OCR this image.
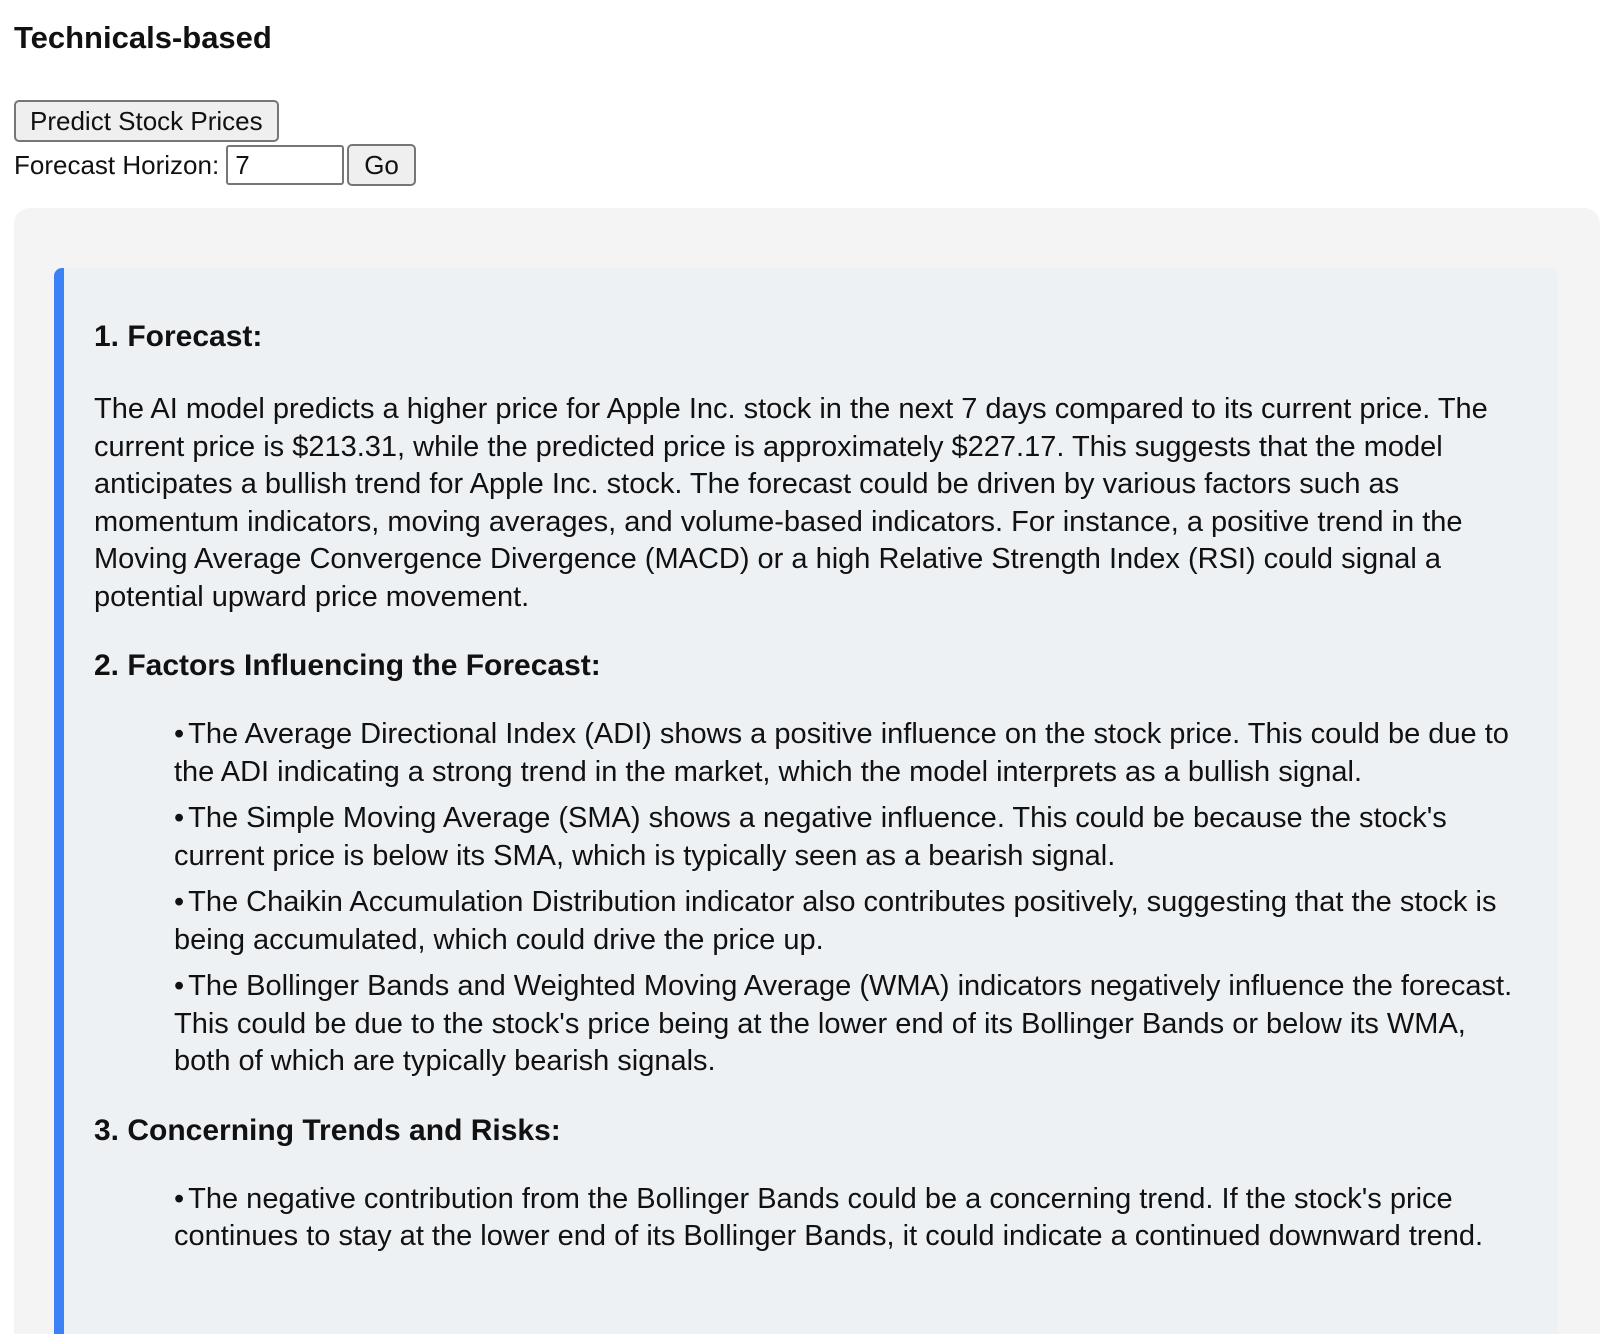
Technicals-based
Predict Stock Prices
Forecast Horizon:
7	Go
1. Forecast:

The AI model predicts a higher price for Apple Inc. stock in the next 7 days compared to its current price. The current price is $213.31, while the predicted price is approximately $227.17. This suggests that the model anticipates a bullish trend for Apple Inc. stock. The forecast could be driven by various factors such as momentum indicators, moving averages, and volume-based indicators. For instance, a positive trend in the Moving Average Convergence Divergence (MACD) or a high Relative Strength Index (RSI) could signal a potential upward price movement.

2. Factors Influencing the Forecast:
• The Average Directional Index (ADI) shows a positive influence on the stock price. This could be due to the ADI indicating a strong trend in the market, which the model interprets as a bullish signal.
• The Simple Moving Average (SMA) shows a negative influence. This could be because the stock's current price is below its SMA, which is typically seen as a bearish signal.
• The Chaikin Accumulation Distribution indicator also contributes positively, suggesting that the stock is being accumulated, which could drive the price up.
• The Bollinger Bands and Weighted Moving Average (WMA) indicators negatively influence the forecast. This could be due to the stock's price being at the lower end of its Bollinger Bands or below its WMA, both of which are typically bearish signals.
3. Concerning Trends and Risks:
• The negative contribution from the Bollinger Bands could be a concerning trend. If the stock's price continues to stay at the lower end of its Bollinger Bands, it could indicate a continued downward trend.
